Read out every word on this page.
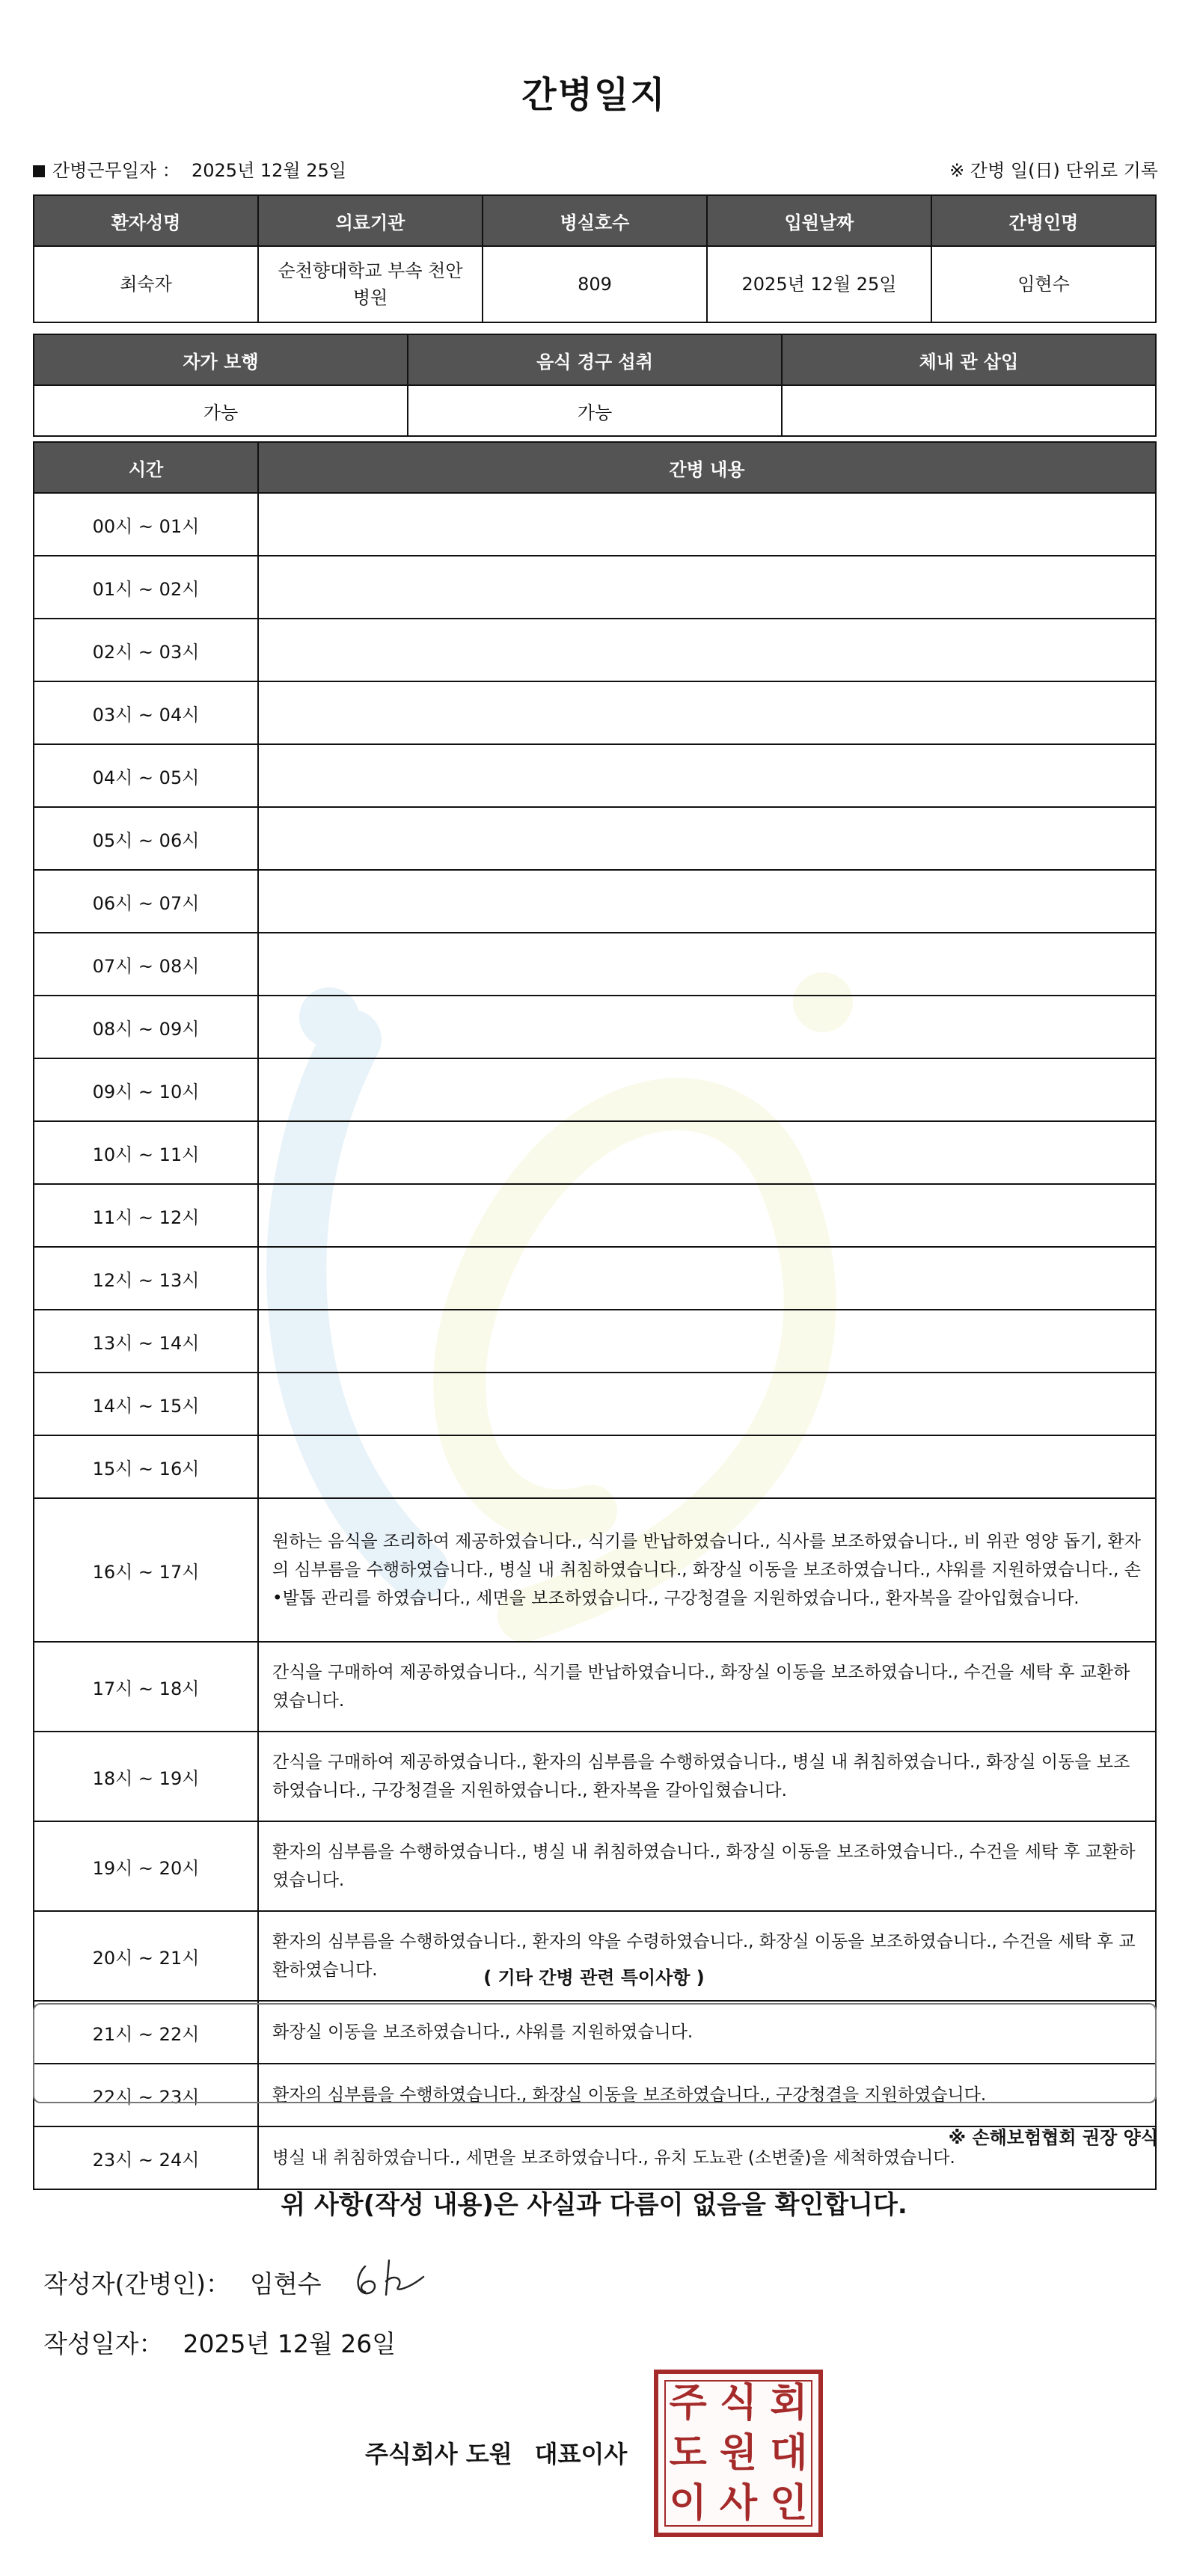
간병일지
간병근무일자 ： 2025년 12월 25일	※ 간병 일(日) 단위로 기록
환자성명	의료기관	병실호수	입원날짜	간병인명
최숙자	순천향대학교 부속 천안병원	809	2025년 12월 25일	임현수
자가 보행	음식 경구 섭취	체내 관 삽입
가능	가능	
시간	간병 내용
00시 ~ 01시	
01시 ~ 02시	
02시 ~ 03시	
03시 ~ 04시	
04시 ~ 05시	
05시 ~ 06시	
06시 ~ 07시	
07시 ~ 08시	
08시 ~ 09시	
09시 ~ 10시	
10시 ~ 11시	
11시 ~ 12시	
12시 ~ 13시	
13시 ~ 14시	
14시 ~ 15시	
15시 ~ 16시	
16시 ~ 17시	원하는 음식을 조리하여 제공하였습니다., 식기를 반납하였습니다., 식사를 보조하였습니다., 비 위관 영양 돕기, 환자의 심부름을 수행하였습니다., 병실 내 취침하였습니다., 화장실 이동을 보조하였습니다., 샤워를 지원하였습니다., 손•발톱 관리를 하였습니다., 세면을 보조하였습니다., 구강청결을 지원하였습니다., 환자복을 갈아입혔습니다.
17시 ~ 18시	간식을 구매하여 제공하였습니다., 식기를 반납하였습니다., 화장실 이동을 보조하였습니다., 수건을 세탁 후 교환하였습니다.
18시 ~ 19시	간식을 구매하여 제공하였습니다., 환자의 심부름을 수행하였습니다., 병실 내 취침하였습니다., 화장실 이동을 보조하였습니다., 구강청결을 지원하였습니다., 환자복을 갈아입혔습니다.
19시 ~ 20시	환자의 심부름을 수행하였습니다., 병실 내 취침하였습니다., 화장실 이동을 보조하였습니다., 수건을 세탁 후 교환하였습니다.
20시 ~ 21시	환자의 심부름을 수행하였습니다., 환자의 약을 수령하였습니다., 화장실 이동을 보조하였습니다., 수건을 세탁 후 교환하였습니다.
21시 ~ 22시	화장실 이동을 보조하였습니다., 샤워를 지원하였습니다.
22시 ~ 23시	환자의 심부름을 수행하였습니다., 화장실 이동을 보조하였습니다., 구강청결을 지원하였습니다.
23시 ~ 24시	병실 내 취침하였습니다., 세면을 보조하였습니다., 유치 도뇨관 (소변줄)을 세척하였습니다.
( 기타 간병 관련 특이사항 )
※ 손해보험협회 권장 양식
위 사항(작성 내용)은 사실과 다름이 없음을 확인합니다.
작성자(간병인)： 임현수
작성일자： 2025년 12월 26일
주식회사 도원 대표이사
주 식 회
도 원 대
이 사 인
